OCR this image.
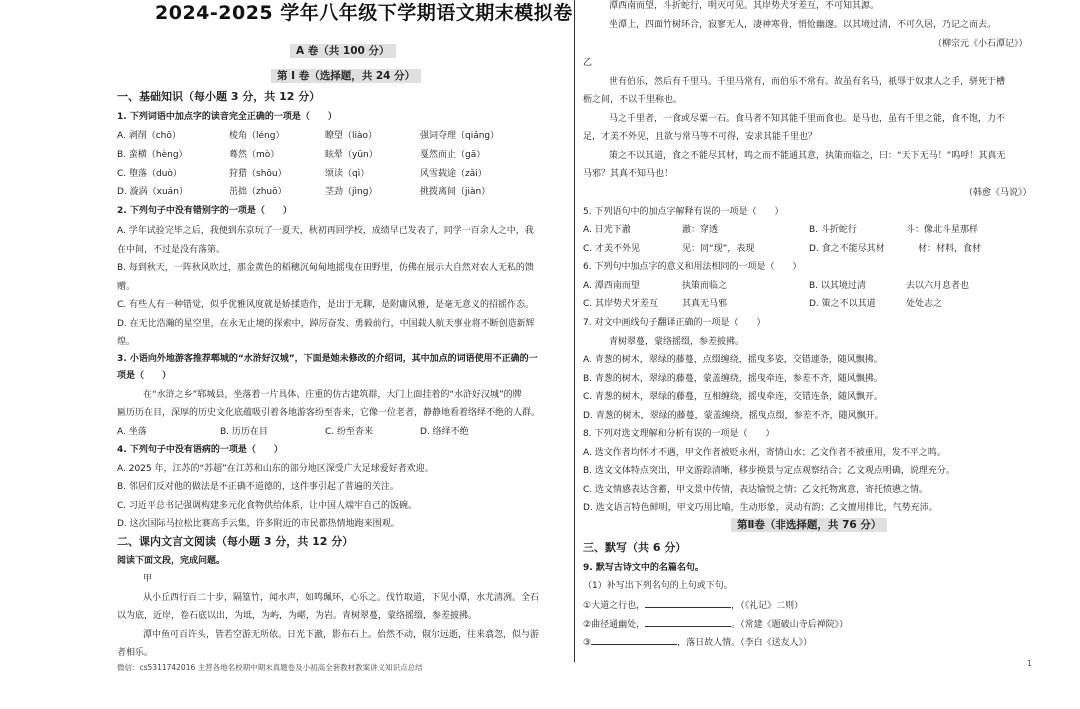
2024-2025 学年八年级下学期语文期末模拟卷
A 卷（共 100 分）
第 I 卷（选择题，共 24 分）
一、基础知识（每小题 3 分，共 12 分）
1. 下列词语中加点字的读音完全正确的一项是（　　）
A. 剥削（chō）	棱角（léng）	瞭望（liào）	强词夺理（qiǎng）
B. 蛮横（hèng）	蓦然（mò）	眩晕（yūn）	戛然而止（gā）
C. 堕落（duò）	狩猎（shōu）	颂读（qì）	风雪载途（zǎi）
D. 漩涡（xuán）	茁拙（zhuō）	茎劲（jìng）	挑拨离间（jiàn）
2. 下列句子中没有错别字的一项是（　　）
A. 学年试验完毕之后，我便到东京玩了一夏天，秋初再回学校，成绩早已发表了，同学一百余人之中，我
在中间，不过是没有落第。
B. 每到秋天，一阵秋风吹过，那金黄色的稻穗沉甸甸地摇曳在田野里，仿佛在展示大自然对农人无私的馈
赠。
C. 有些人有一种错觉，似乎优雅风度就是娇揉造作，是出于无聊，是附庸风雅，是毫无意义的招摇作态。
D. 在无比浩瀚的星空里，在永无止境的探索中，踔厉奋发、勇毅前行，中国载人航天事业将不断创造新辉
煌。
3. 小语向外地游客推荐郫城的“水浒好汉城”，下面是她未修改的介绍词，其中加点的词语使用不正确的一
项是（　　）
在“水浒之乡”郓城县，坐落着一片具体、庄重的仿古建筑群，大门上面挂着的“水浒好汉城”的牌
匾历历在目，深厚的历史文化底蕴吸引着各地游客纷至沓来，它像一位老者，静静地看着络绎不绝的人群。
A. 坐落	B. 历历在目	C. 纷至沓来	D. 络绎不绝
4. 下列句子中没有语病的一项是（　　）
A. 2025 年，江苏的“苏超”在江苏和山东的部分地区深受广大足球爱好者欢迎。
B. 邻居们反对他的做法是不正确不道德的，这件事引起了普遍的关注。
C. 习近平总书记强调构建多元化食物供给体系，让中国人端牢自己的饭碗。
D. 这次国际马拉松比赛高手云集，许多附近的市民都热情地跑来围观。
二、课内文言文阅读（每小题 3 分，共 12 分）
阅读下面文段，完成问题。
甲
从小丘西行百二十步，隔篁竹，闻水声，如鸣珮环，心乐之。伐竹取道，下见小潭，水尤清冽。全石
以为底，近岸，卷石底以出，为坻，为屿，为嵁，为岩。青树翠蔓，蒙络摇缀，参差披拂。
潭中鱼可百许头，皆若空游无所依。日光下澈，影布石上。佁然不动，俶尔远逝，往来翕忽，似与游
者相乐。
微信：cs5311742016 主营各地名校期中期末真题卷及小初高全套教材教案讲义知识点总结
潭西南而望，斗折蛇行，明灭可见。其岸势犬牙差互，不可知其源。
坐潭上，四面竹树环合，寂寥无人，凄神寒骨，悄怆幽邃。以其境过清，不可久居，乃记之而去。
（柳宗元《小石潭记》）
乙
世有伯乐，然后有千里马。千里马常有，而伯乐不常有。故虽有名马，祇辱于奴隶人之手，骈死于槽
枥之间，不以千里称也。
马之千里者，一食或尽粟一石。食马者不知其能千里而食也。是马也，虽有千里之能，食不饱，力不
足，才美不外见，且欲与常马等不可得，安求其能千里也？
策之不以其道，食之不能尽其材，鸣之而不能通其意，执策而临之，曰：“天下无马！”呜呼！其真无
马邪？其真不知马也！
（韩愈《马说》）
5. 下列语句中的加点字解释有误的一项是（　　）
A. 日光下澈	澈：穿透	B. 斗折蛇行	斗：像北斗星那样
C. 才美不外见	见：同“现”，表现	D. 食之不能尽其材	材：材料，食材
6. 下列句中加点字的意义和用法相同的一项是（　　）
A. 潭西南而望	执策而临之	B. 以其境过清	去以六月息者也
C. 其岸势犬牙差互	其真无马邪	D. 策之不以其道	处处志之
7. 对文中画线句子翻译正确的一项是（　　）
青树翠蔓，蒙络摇缀，参差披拂。
A. 青葱的树木，翠绿的藤蔓，点缀缠绕，摇曳多姿，交错連条，随风飘拂。
B. 青葱的树木，翠绿的藤蔓，蒙盖缠绕，摇曳牵连，参差不齐，随风飘拂。
C. 青葱的树木，翠绿的藤蔓，互相缠绕，摇曳牵连，交错连条，随风飘开。
D. 青葱的树木，翠绿的藤蔓，蒙盖缠绕，摇曳点缀，参差不齐，随风飘开。
8. 下列对选文理解和分析有误的一项是（　　）
A. 选文作者均怀才不遇，甲文作者被贬永州，寄情山水；乙文作者不被重用，发不平之鸣。
B. 选文文体特点突出，甲文游踪清晰，移步换景与定点观察结合；乙文观点明确，说理充分。
C. 选文情感表达含蓄，甲文景中传情，表达愉悦之情；乙文托物寓意，寄托愤懑之情。
D. 选文语言特色鲜明，甲文巧用比喻，生动形象，灵动有韵；乙文擅用排比，气势充沛。
第Ⅱ卷（非选择题，共 76 分）
三、默写（共 6 分）
9. 默写古诗文中的名篇名句。
（1）补写出下列名句的上句或下句。
①大道之行也，	，（《礼记》二则）
②曲径通幽处，	。（常建《题破山寺后禅院》）
③	，落日故人情。（李白《送友人》）
1
